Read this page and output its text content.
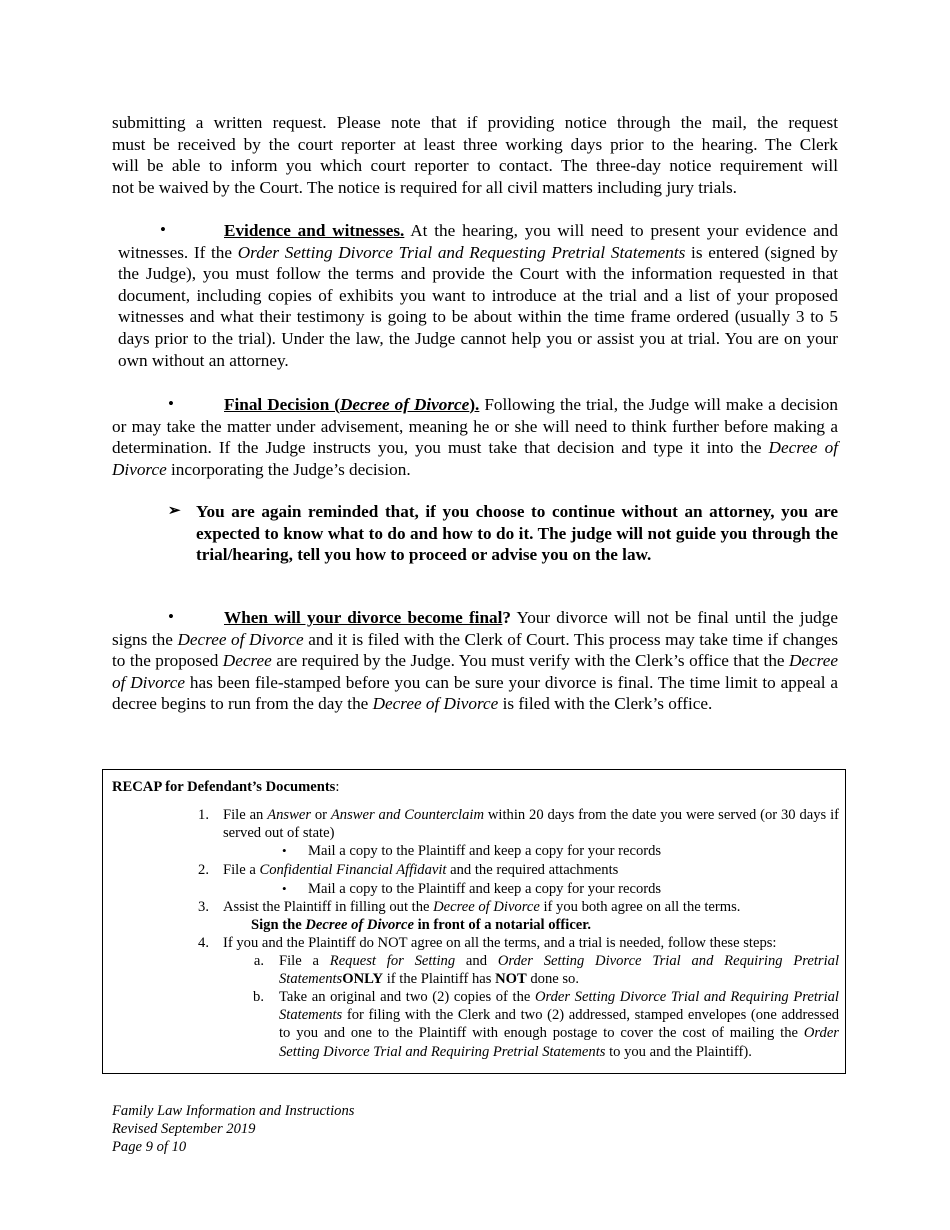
submitting a written request. Please note that if providing notice through the mail, the request
must be received by the court reporter at least three working days prior to the hearing. The Clerk
will be able to inform you which court reporter to contact. The three-day notice requirement will
not be waived by the Court. The notice is required for all civil matters including jury trials.
•	Evidence and witnesses. At the hearing, you will need to present your evidence and witnesses. If the Order Setting Divorce Trial and Requesting Pretrial Statements is entered (signed by the Judge), you must follow the terms and provide the Court with the information requested in that document, including copies of exhibits you want to introduce at the trial and a list of your proposed witnesses and what their testimony is going to be about within the time frame ordered (usually 3 to 5 days prior to the trial). Under the law, the Judge cannot help you or assist you at trial. You are on your own without an attorney.

•	Final Decision (Decree of Divorce). Following the trial, the Judge will make a decision or may take the matter under advisement, meaning he or she will need to think further before making a determination. If the Judge instructs you, you must take that decision and type it into the Decree of Divorce incorporating the Judge’s decision.

➢ You are again reminded that, if you choose to continue without an attorney, you are expected to know what to do and how to do it. The judge will not guide you through the trial/hearing, tell you how to proceed or advise you on the law.
•	When will your divorce become final? Your divorce will not be final until the judge signs the Decree of Divorce and it is filed with the Clerk of Court. This process may take time if changes to the proposed Decree are required by the Judge. You must verify with the Clerk’s office that the Decree of Divorce has been file-stamped before you can be sure your divorce is final. The time limit to appeal a decree begins to run from the day the Decree of Divorce is filed with the Clerk’s office.

RECAP for Defendant’s Documents:
1. File an Answer or Answer and Counterclaim within 20 days from the date you were served (or 30 days if served out of state)
• Mail a copy to the Plaintiff and keep a copy for your records
2. File a Confidential Financial Affidavit and the required attachments
• Mail a copy to the Plaintiff and keep a copy for your records
3. Assist the Plaintiff in filling out the Decree of Divorce if you both agree on all the terms.
Sign the Decree of Divorce in front of a notarial officer.
4. If you and the Plaintiff do NOT agree on all the terms, and a trial is needed, follow these steps:
a. File a Request for Setting and Order Setting Divorce Trial and Requiring Pretrial StatementsONLY if the Plaintiff has NOT done so.
b. Take an original and two (2) copies of the Order Setting Divorce Trial and Requiring Pretrial Statements for filing with the Clerk and two (2) addressed, stamped envelopes (one addressed to you and one to the Plaintiff with enough postage to cover the cost of mailing the Order Setting Divorce Trial and Requiring Pretrial Statements to you and the Plaintiff).
Family Law Information and Instructions
Revised September 2019
Page 9 of 10
